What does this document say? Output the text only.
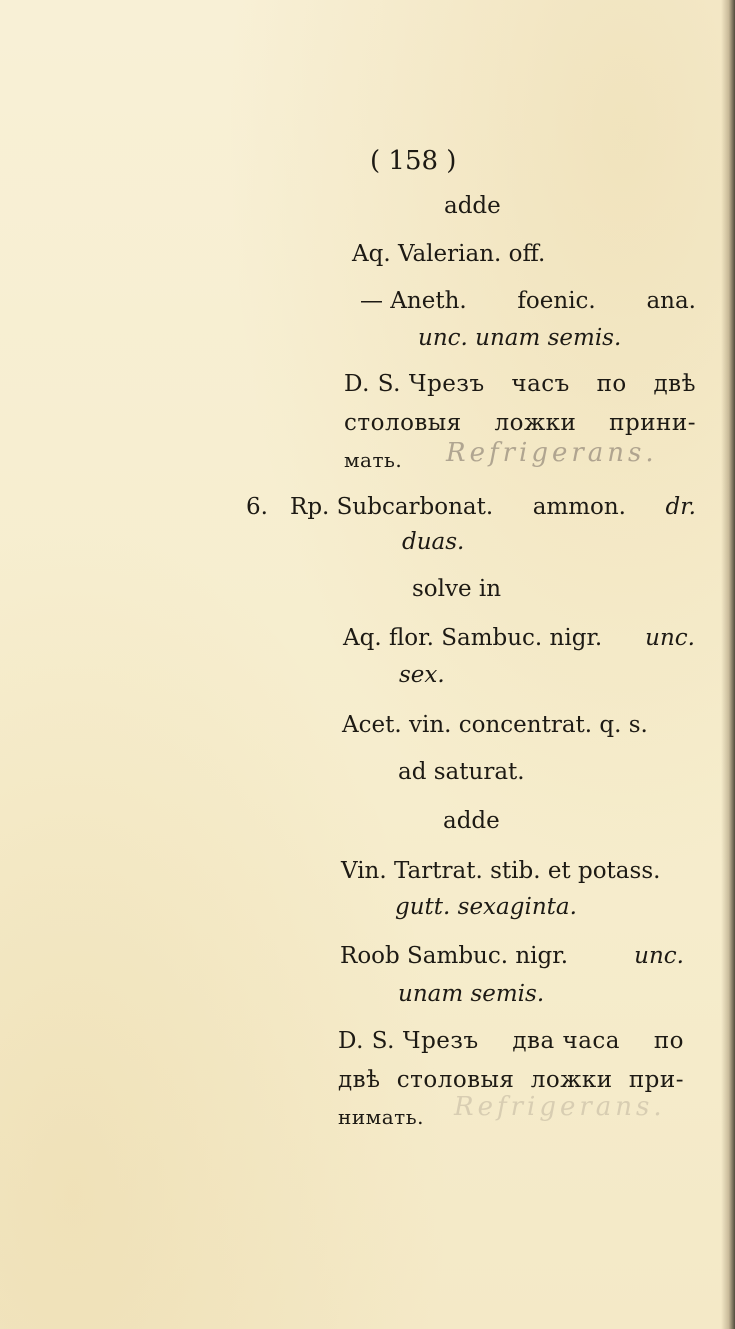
( 158 )
adde
Aq. Valerian. off.
— Aneth. foenic. ana.
unc. unam semis.
D. S. Чрезъ часъ по двѣ
столовыя ложки прини-
мать. Refrigerans.
6. Rp. Subcarbonat. ammon. dr.
duas.
solve in
Aq. flor. Sambuc. nigr. unc.
sex.
Acet. vin. concentrat. q. s.
ad saturat.
adde
Vin. Tartrat. stib. et potass.
gutt. sexaginta.
Roob Sambuc. nigr.	unc.
unam semis.
D. S. Чрезъ два часа по
двѣ столовыя ложки при-
нимать. Refrigerans.
